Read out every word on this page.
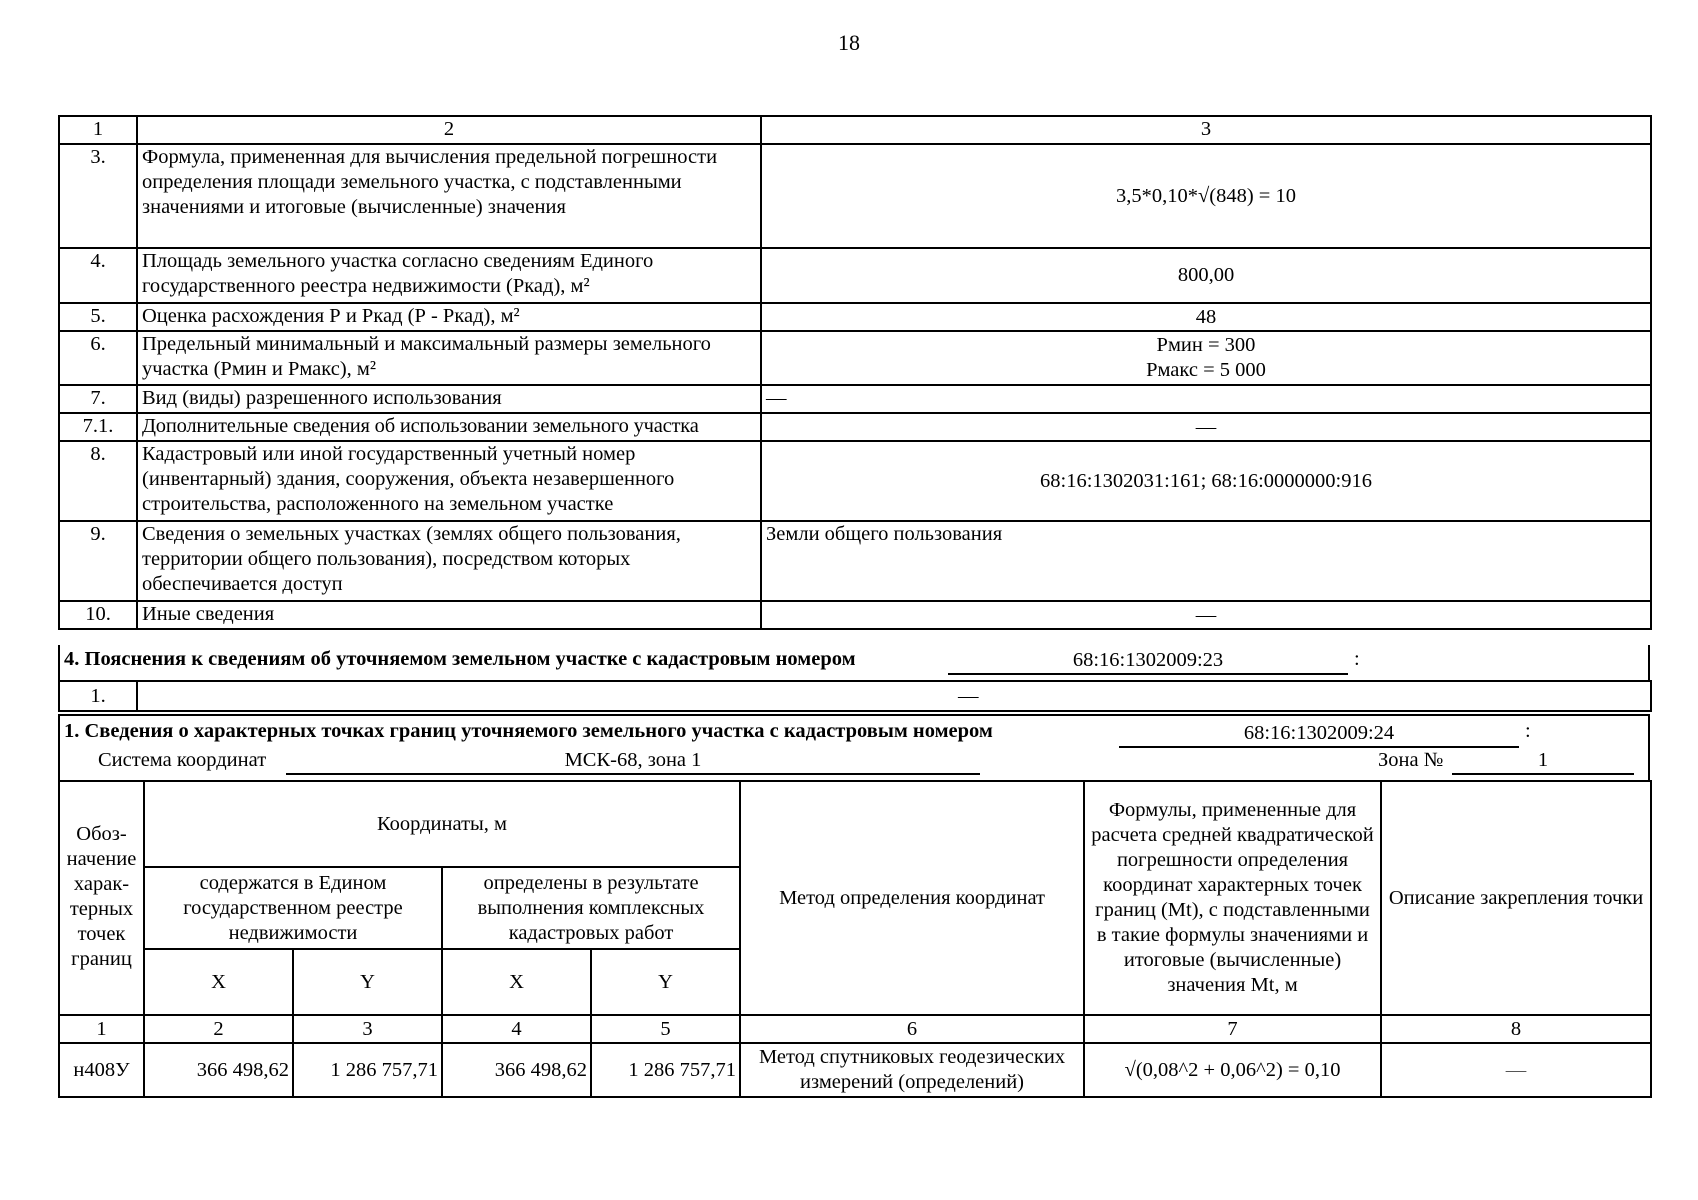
18
1	2	3
3.	Формула, примененная для вычисления предельной погрешности определения площади земельного участка, с подставленными значениями и итоговые (вычисленные) значения	3,5*0,10*√(848) = 10
4.	Площадь земельного участка согласно сведениям Единого государственного реестра недвижимости (Ркад), м²	800,00
5.	Оценка расхождения Р и Ркад (Р - Ркад), м²	48
6.	Предельный минимальный и максимальный размеры земельного участка (Рмин и Рмакс), м²	Рмин = 300
Рмакс = 5 000

7.	Вид (виды) разрешенного использования	—
7.1.	Дополнительные сведения об использовании земельного участка	—
8.	Кадастровый или иной государственный учетный номер (инвентарный) здания, сооружения, объекта незавершенного строительства, расположенного на земельном участке	68:16:1302031:161; 68:16:0000000:916
9.	Сведения о земельных участках (землях общего пользования, территории общего пользования), посредством которых обеспечивается доступ	Земли общего пользования
10.	Иные сведения	—
4. Пояснения к сведениям об уточняемом земельном участке с кадастровым номером	68:16:1302009:23	:
1.	—
1. Сведения о характерных точках границ уточняемого земельного участка с кадастровым номером	68:16:1302009:24	:
Система координат	МСК-68, зона 1	Зона №	1
Обоз-начение харак-терных точек границ	Координаты, м				Метод определения координат	Формулы, примененные для расчета средней квадратической погрешности определения координат характерных точек границ (Mt), с подставленными в такие формулы значениями и итоговые (вычисленные) значения Mt, м	Описание закрепления точки
	содержатся в Едином государственном реестре недвижимости		определены в результате выполнения комплексных кадастровых работ				
	X	Y	X	Y			
1	2	3	4	5	6	7	8
н408У	366 498,62	1 286 757,71	366 498,62	1 286 757,71	Метод спутниковых геодезических измерений (определений)	√(0,08^2 + 0,06^2) = 0,10	—
